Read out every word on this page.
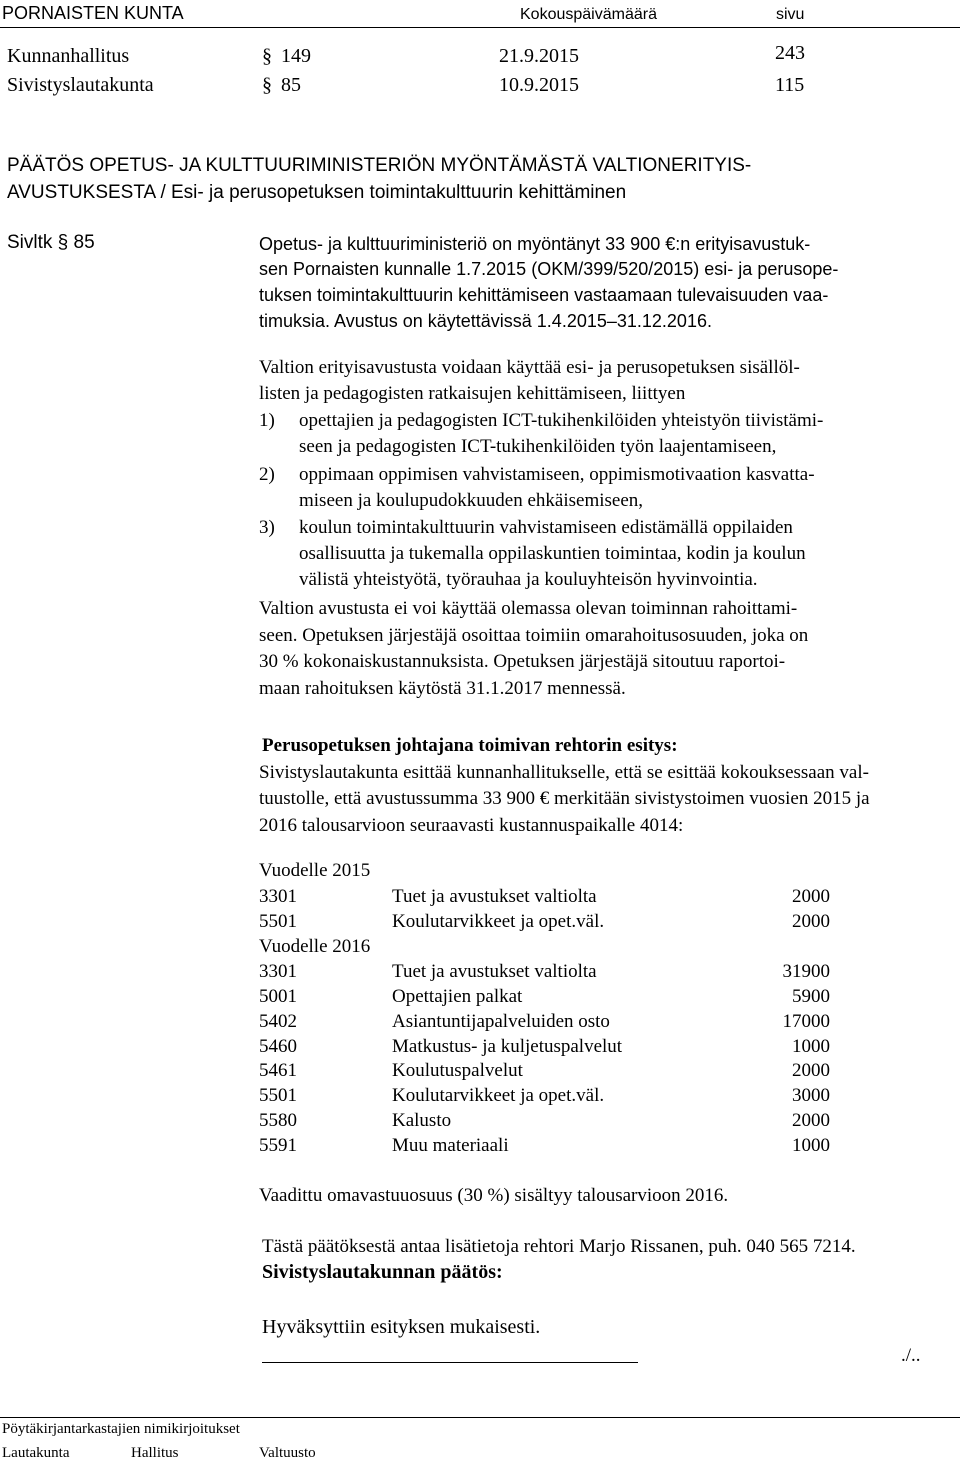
PORNAISTEN KUNTA	Kokouspäivämäärä	sivu
Kunnanhallitus	§ 149	21.9.2015	243
Sivistyslautakunta	§ 85	10.9.2015	115
PÄÄTÖS OPETUS- JA KULTTUURIMINISTERIÖN MYÖNTÄMÄSTÄ VALTIONERITYIS-
AVUSTUKSESTA / Esi- ja perusopetuksen toimintakulttuurin kehittäminen
Sivltk § 85	Opetus- ja kulttuuriministeriö on myöntänyt 33 900 €:n erityisavustuk-
sen Pornaisten kunnalle 1.7.2015 (OKM/399/520/2015) esi- ja perusope-
tuksen toimintakulttuurin kehittämiseen vastaamaan tulevaisuuden vaa-
timuksia. Avustus on käytettävissä 1.4.2015–31.12.2016.
Valtion erityisavustusta voidaan käyttää esi- ja perusopetuksen sisällöl-
listen ja pedagogisten ratkaisujen kehittämiseen, liittyen
1) opettajien ja pedagogisten ICT-tukihenkilöiden yhteistyön tiivistämi-
seen ja pedagogisten ICT-tukihenkilöiden työn laajentamiseen,
2) oppimaan oppimisen vahvistamiseen, oppimismotivaation kasvatta-
miseen ja koulupudokkuuden ehkäisemiseen,
3) koulun toimintakulttuurin vahvistamiseen edistämällä oppilaiden
osallisuutta ja tukemalla oppilaskuntien toimintaa, kodin ja koulun
välistä yhteistyötä, työrauhaa ja kouluyhteisön hyvinvointia.
Valtion avustusta ei voi käyttää olemassa olevan toiminnan rahoittami-
seen. Opetuksen järjestäjä osoittaa toimiin omarahoitusosuuden, joka on
30 % kokonaiskustannuksista. Opetuksen järjestäjä sitoutuu raportoi-
maan rahoituksen käytöstä 31.1.2017 mennessä.
Perusopetuksen johtajana toimivan rehtorin esitys:
Sivistyslautakunta esittää kunnanhallitukselle, että se esittää kokouksessaan val-
tuustolle, että avustussumma 33 900 € merkitään sivistystoimen vuosien 2015 ja
2016 talousarvioon seuraavasti kustannuspaikalle 4014:
Vuodelle 2015
3301	Tuet ja avustukset valtiolta	2000
5501	Koulutarvikkeet ja opet.väl.	2000
Vuodelle 2016
3301	Tuet ja avustukset valtiolta	31900
5001	Opettajien palkat	5900
5402	Asiantuntijapalveluiden osto	17000
5460	Matkustus- ja kuljetuspalvelut	1000
5461	Koulutuspalvelut	2000
5501	Koulutarvikkeet ja opet.väl.	3000
5580	Kalusto	2000
5591	Muu materiaali	1000
Vaadittu omavastuuosuus (30 %) sisältyy talousarvioon 2016.
Tästä päätöksestä antaa lisätietoja rehtori Marjo Rissanen, puh. 040 565 7214.
Sivistyslautakunnan päätös:
Hyväksyttiin esityksen mukaisesti.
./..
Pöytäkirjantarkastajien nimikirjoitukset
Lautakunta	Hallitus	Valtuusto
